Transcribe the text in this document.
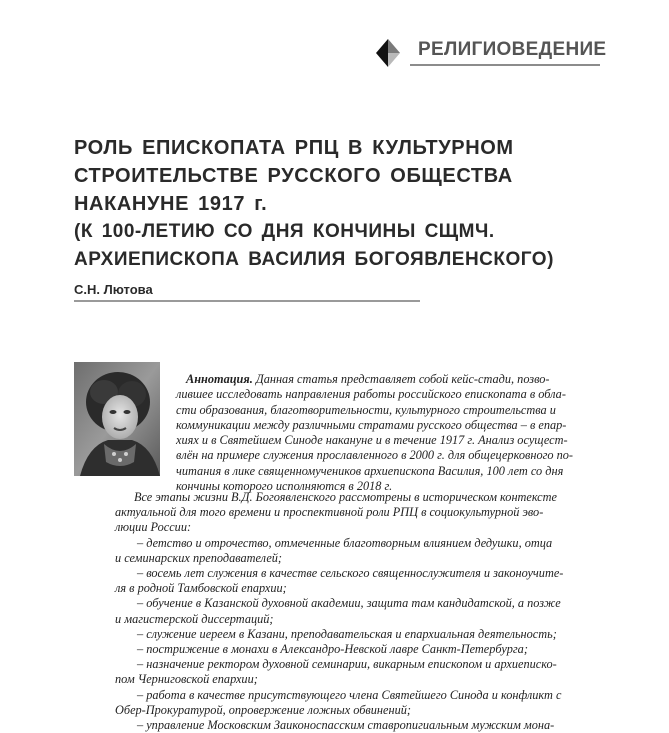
РЕЛИГИОВЕДЕНИЕ
РОЛЬ ЕПИСКОПАТА РПЦ В КУЛЬТУРНОМ
СТРОИТЕЛЬСТВЕ РУССКОГО ОБЩЕСТВА
НАКАНУНЕ 1917 г.
(К 100-ЛЕТИЮ СО ДНЯ КОНЧИНЫ СЩМЧ.
АРХИЕПИСКОПА ВАСИЛИЯ БОГОЯВЛЕНСКОГО)
С.Н. Лютова
Аннотация. Данная статья представляет собой кейс-стади, позво-
лившее исследовать направления работы российского епископата в обла-
сти образования, благотворительности, культурного строительства и
коммуникации между различными стратами русского общества – в епар-
хиях и в Святейшем Синоде накануне и в течение 1917 г. Анализ осущест-
влён на примере служения прославленного в 2000 г. для общецерковного по-
читания в лике священномучеников архиепископа Василия, 100 лет со дня
кончины которого исполняются в 2018 г.
Все этапы жизни В.Д. Богоявленского рассмотрены в историческом контексте
актуальной для того времени и проспективной роли РПЦ в социокультурной эво-
люции России:
– детство и отрочество, отмеченные благотворным влиянием дедушки, отца
и семинарских преподавателей;
– восемь лет служения в качестве сельского священнослужителя и законоучите-
ля в родной Тамбовской епархии;
– обучение в Казанской духовной академии, защита там кандидатской, а позже
и магистерской диссертаций;
– служение иереем в Казани, преподавательская и епархиальная деятельность;
– пострижение в монахи в Александро-Невской лавре Санкт-Петербурга;
– назначение ректором духовной семинарии, викарным епископом и архиеписко-
пом Черниговской епархии;
– работа в качестве присутствующего члена Святейшего Синода и конфликт с
Обер-Прокуратурой, опровержение ложных обвинений;
– управление Московским Заиконоспасским ставропигиальным мужским мона-
